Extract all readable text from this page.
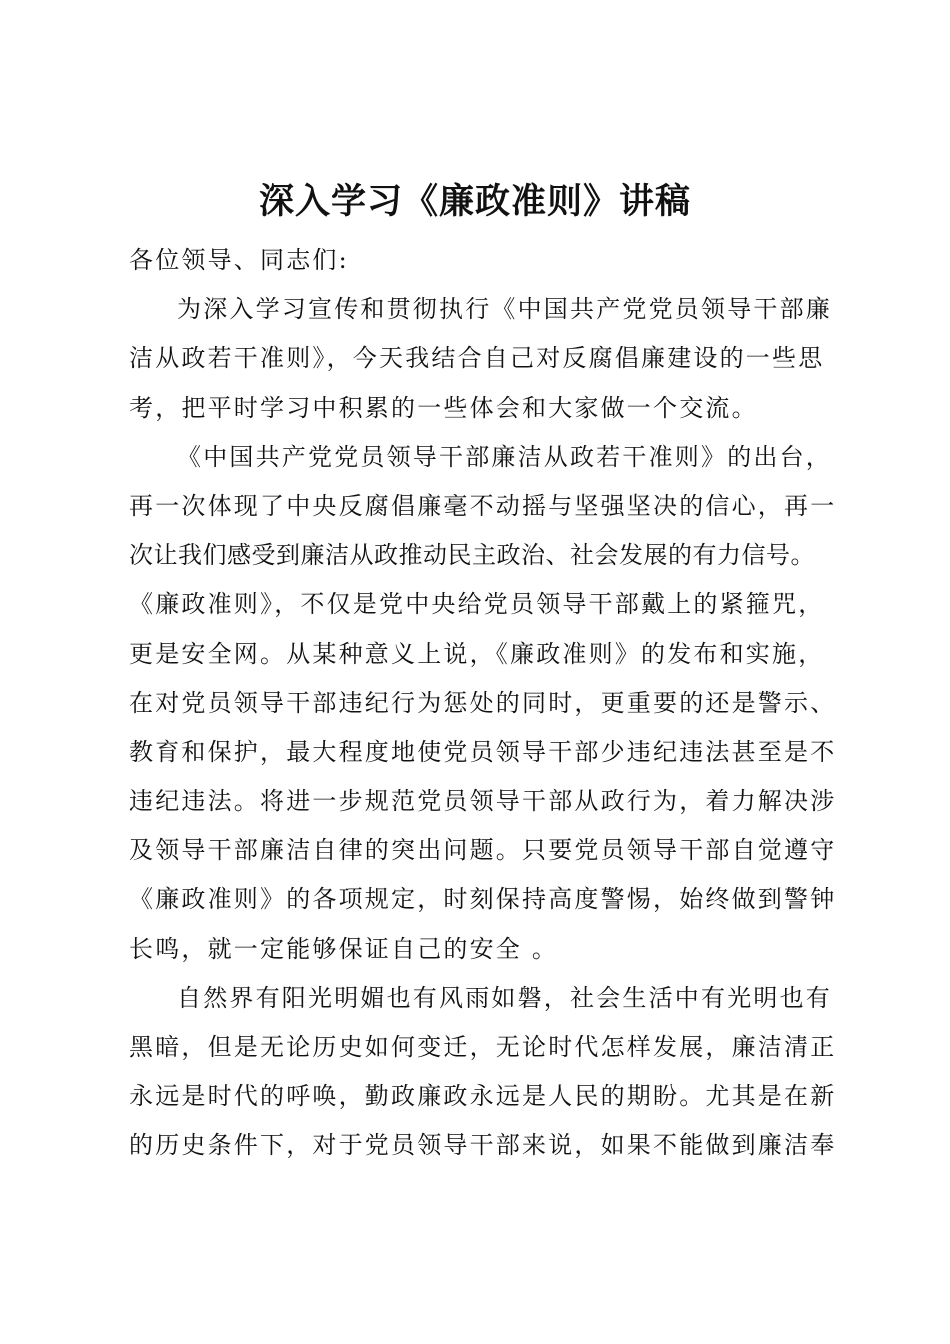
深入学习《廉政准则》讲稿
各位领导、同志们:
为深入学习宣传和贯彻执行《中国共产党党员领导干部廉
洁从政若干准则》，今天我结合自己对反腐倡廉建设的一些思
考，把平时学习中积累的一些体会和大家做一个交流。
《中国共产党党员领导干部廉洁从政若干准则》的出台，
再一次体现了中央反腐倡廉毫不动摇与坚强坚决的信心，再一
次让我们感受到廉洁从政推动民主政治、社会发展的有力信号。
《廉政准则》，不仅是党中央给党员领导干部戴上的紧箍咒，
更是安全网。从某种意义上说，《廉政准则》的发布和实施，
在对党员领导干部违纪行为惩处的同时，更重要的还是警示、
教育和保护，最大程度地使党员领导干部少违纪违法甚至是不
违纪违法。将进一步规范党员领导干部从政行为，着力解决涉
及领导干部廉洁自律的突出问题。只要党员领导干部自觉遵守
《廉政准则》的各项规定，时刻保持高度警惕，始终做到警钟
长鸣，就一定能够保证自己的安全 。
自然界有阳光明媚也有风雨如磐，社会生活中有光明也有
黑暗，但是无论历史如何变迁，无论时代怎样发展，廉洁清正
永远是时代的呼唤，勤政廉政永远是人民的期盼。尤其是在新
的历史条件下，对于党员领导干部来说，如果不能做到廉洁奉
